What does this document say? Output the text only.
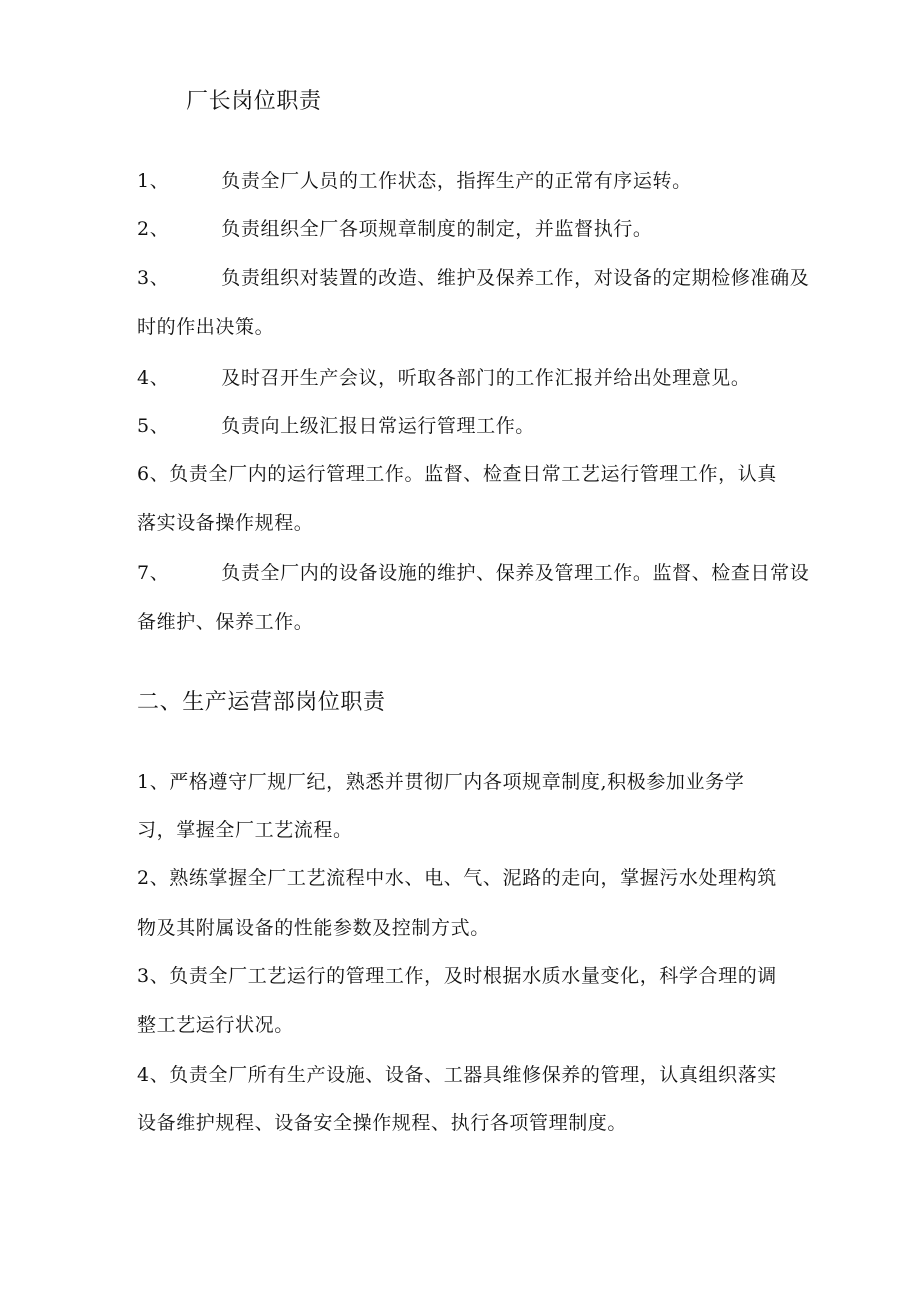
厂长岗位职责
1、	负责全厂人员的工作状态，指挥生产的正常有序运转。
2、	负责组织全厂各项规章制度的制定，并监督执行。
3、	负责组织对装置的改造、维护及保养工作，对设备的定期检修准确及
时的作出决策。
4、	及时召开生产会议，听取各部门的工作汇报并给出处理意见。
5、	负责向上级汇报日常运行管理工作。
6、负责全厂内的运行管理工作。监督、检查日常工艺运行管理工作，认真
落实设备操作规程。
7、	负责全厂内的设备设施的维护、保养及管理工作。监督、检查日常设
备维护、保养工作。
二、生产运营部岗位职责
1、严格遵守厂规厂纪，熟悉并贯彻厂内各项规章制度,积极参加业务学
习，掌握全厂工艺流程。
2、熟练掌握全厂工艺流程中水、电、气、泥路的走向，掌握污水处理构筑
物及其附属设备的性能参数及控制方式。
3、负责全厂工艺运行的管理工作，及时根据水质水量变化，科学合理的调
整工艺运行状况。
4、负责全厂所有生产设施、设备、工器具维修保养的管理，认真组织落实
设备维护规程、设备安全操作规程、执行各项管理制度。
